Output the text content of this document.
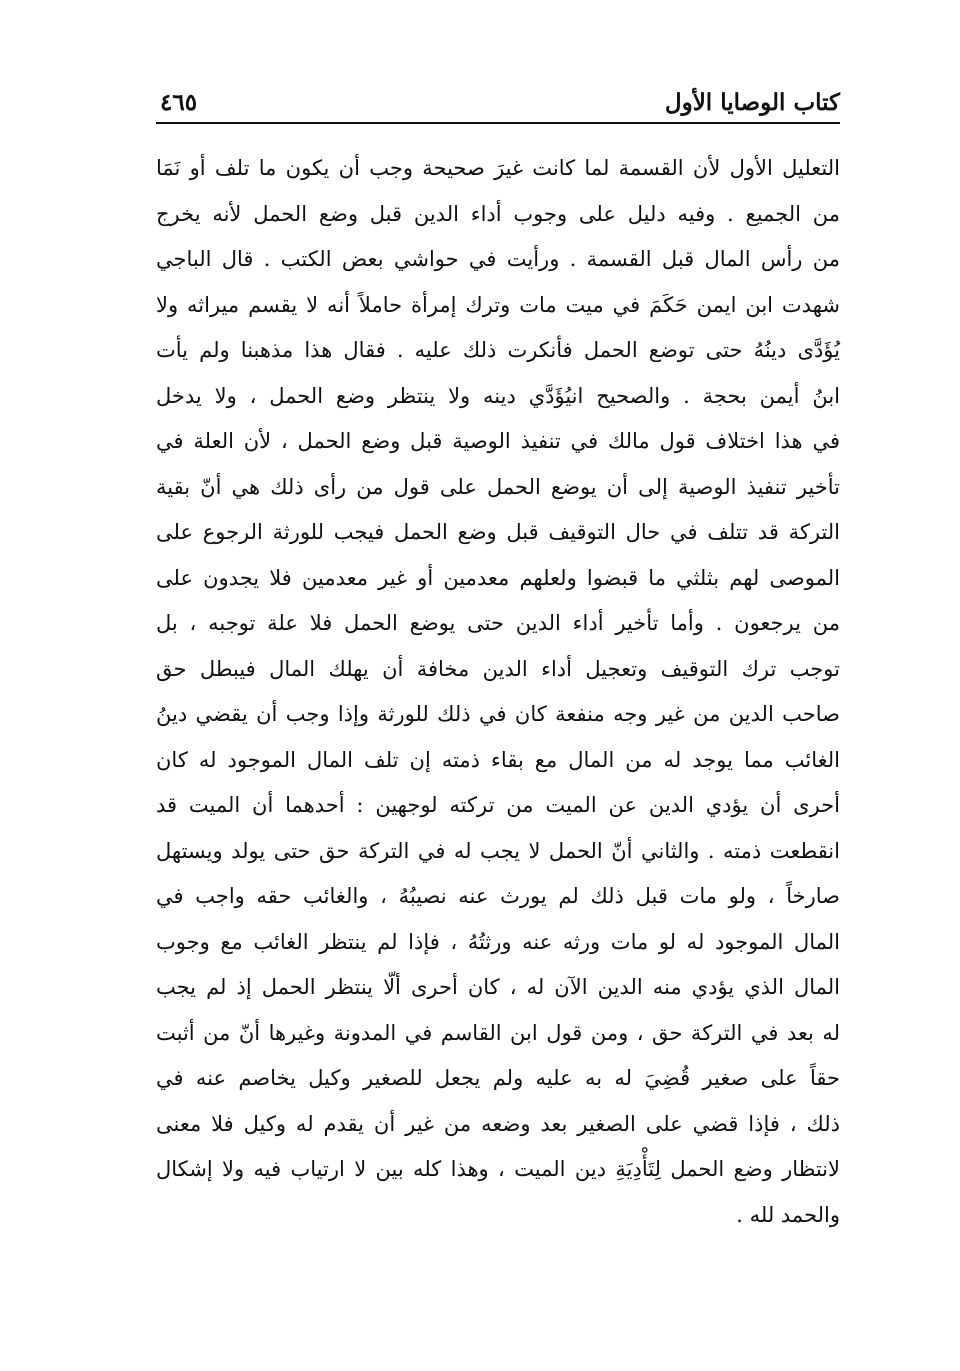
كتاب الوصايا الأول
٤٦٥
التعليل الأول لأن القسمة لما كانت غيرَ صحيحة وجب أن يكون ما تلف أو نَمَا
من الجميع . وفيه دليل على وجوب أداء الدين قبل وضع الحمل لأنه يخرج
من رأس المال قبل القسمة . ورأيت في حواشي بعض الكتب . قال الباجي
شهدت ابن ايمن حَكَمَ في ميت مات وترك إمرأة حاملاً أنه لا يقسم ميراثه ولا
يُؤَدَّى دينُهُ حتى توضع الحمل فأنكرت ذلك عليه . فقال هذا مذهبنا ولم يأت
ابنُ أيمن بحجة . والصحيح انيُؤَدَّي دينه ولا ينتظر وضع الحمل ، ولا يدخل
في هذا اختلاف قول مالك في تنفيذ الوصية قبل وضع الحمل ، لأن العلة في
تأخير تنفيذ الوصية إلى أن يوضع الحمل على قول من رأى ذلك هي أنّ بقية
التركة قد تتلف في حال التوقيف قبل وضع الحمل فيجب للورثة الرجوع على
الموصى لهم بثلثي ما قبضوا ولعلهم معدمين أو غير معدمين فلا يجدون على
من يرجعون . وأما تأخير أداء الدين حتى يوضع الحمل فلا علة توجبه ، بل
توجب ترك التوقيف وتعجيل أداء الدين مخافة أن يهلك المال فيبطل حق
صاحب الدين من غير وجه منفعة كان في ذلك للورثة وإذا وجب أن يقضي دينُ
الغائب مما يوجد له من المال مع بقاء ذمته إن تلف المال الموجود له كان
أحرى أن يؤدي الدين عن الميت من تركته لوجهين : أحدهما أن الميت قد
انقطعت ذمته . والثاني أنّ الحمل لا يجب له في التركة حق حتى يولد ويستهل
صارخاً ، ولو مات قبل ذلك لم يورث عنه نصيبُهُ ، والغائب حقه واجب في
المال الموجود له لو مات ورثه عنه ورثتُهُ ، فإذا لم ينتظر الغائب مع وجوب
المال الذي يؤدي منه الدين الآن له ، كان أحرى ألّا ينتظر الحمل إذ لم يجب
له بعد في التركة حق ، ومن قول ابن القاسم في المدونة وغيرها أنّ من أثبت
حقاً على صغير قُضِيَ له به عليه ولم يجعل للصغير وكيل يخاصم عنه في
ذلك ، فإذا قضي على الصغير بعد وضعه من غير أن يقدم له وكيل فلا معنى
لانتظار وضع الحمل لِتَأْدِيَةِ دين الميت ، وهذا كله بين لا ارتياب فيه ولا إشكال
والحمد لله .
